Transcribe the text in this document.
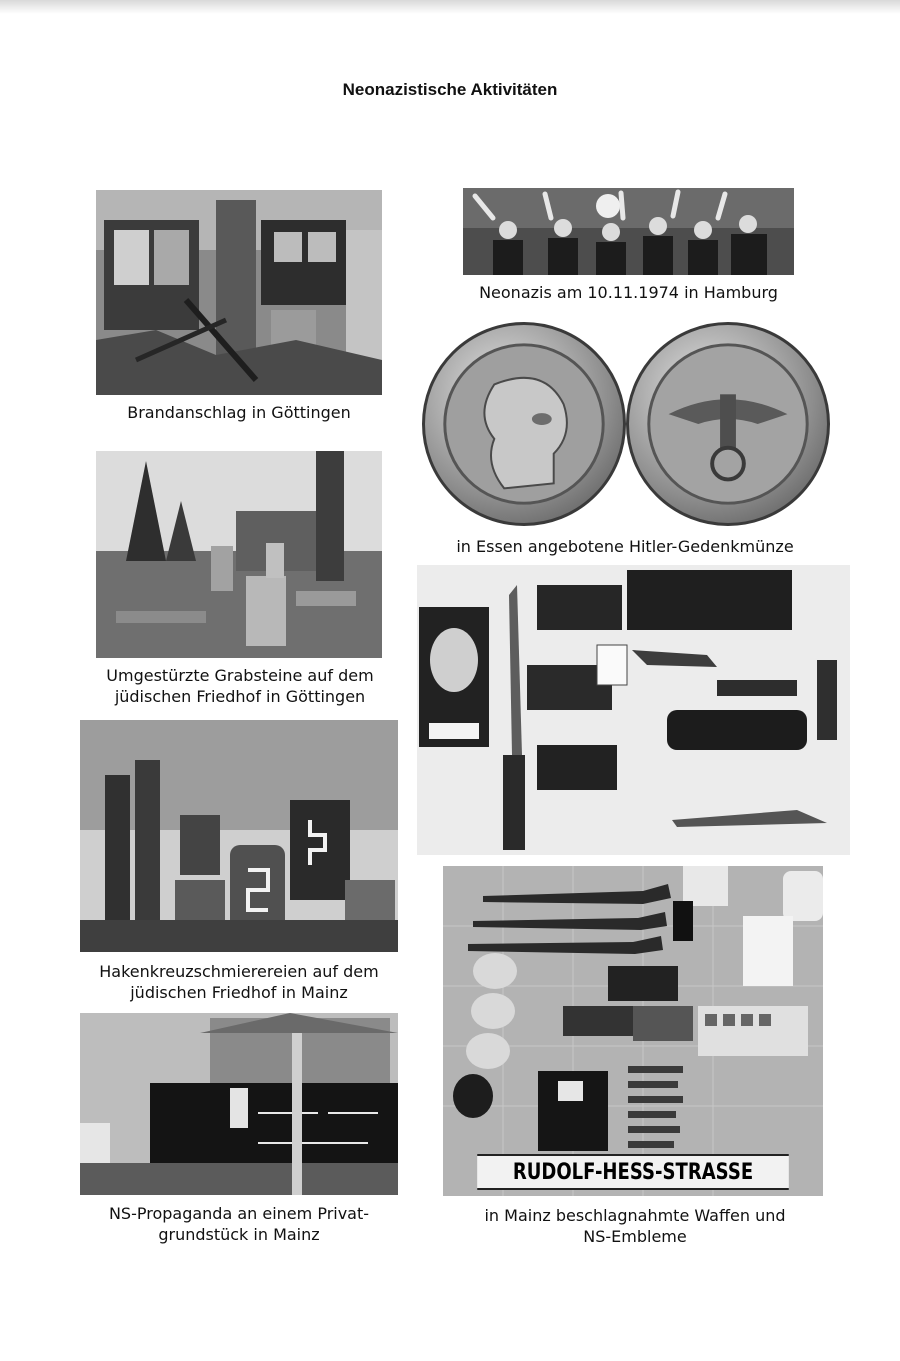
Neonazistische Aktivitäten
Brandanschlag in Göttingen
Neonazis am 10.11.1974 in Hamburg
in Essen angebotene Hitler-Gedenkmünze
Umgestürzte Grabsteine auf dem
jüdischen Friedhof in Göttingen
Hakenkreuzschmierereien auf dem
jüdischen Friedhof in Mainz
NS-Propaganda an einem Privat-
grundstück in Mainz
RUDOLF-HESS-STRASSE
in Mainz beschlagnahmte Waffen und
NS-Embleme
